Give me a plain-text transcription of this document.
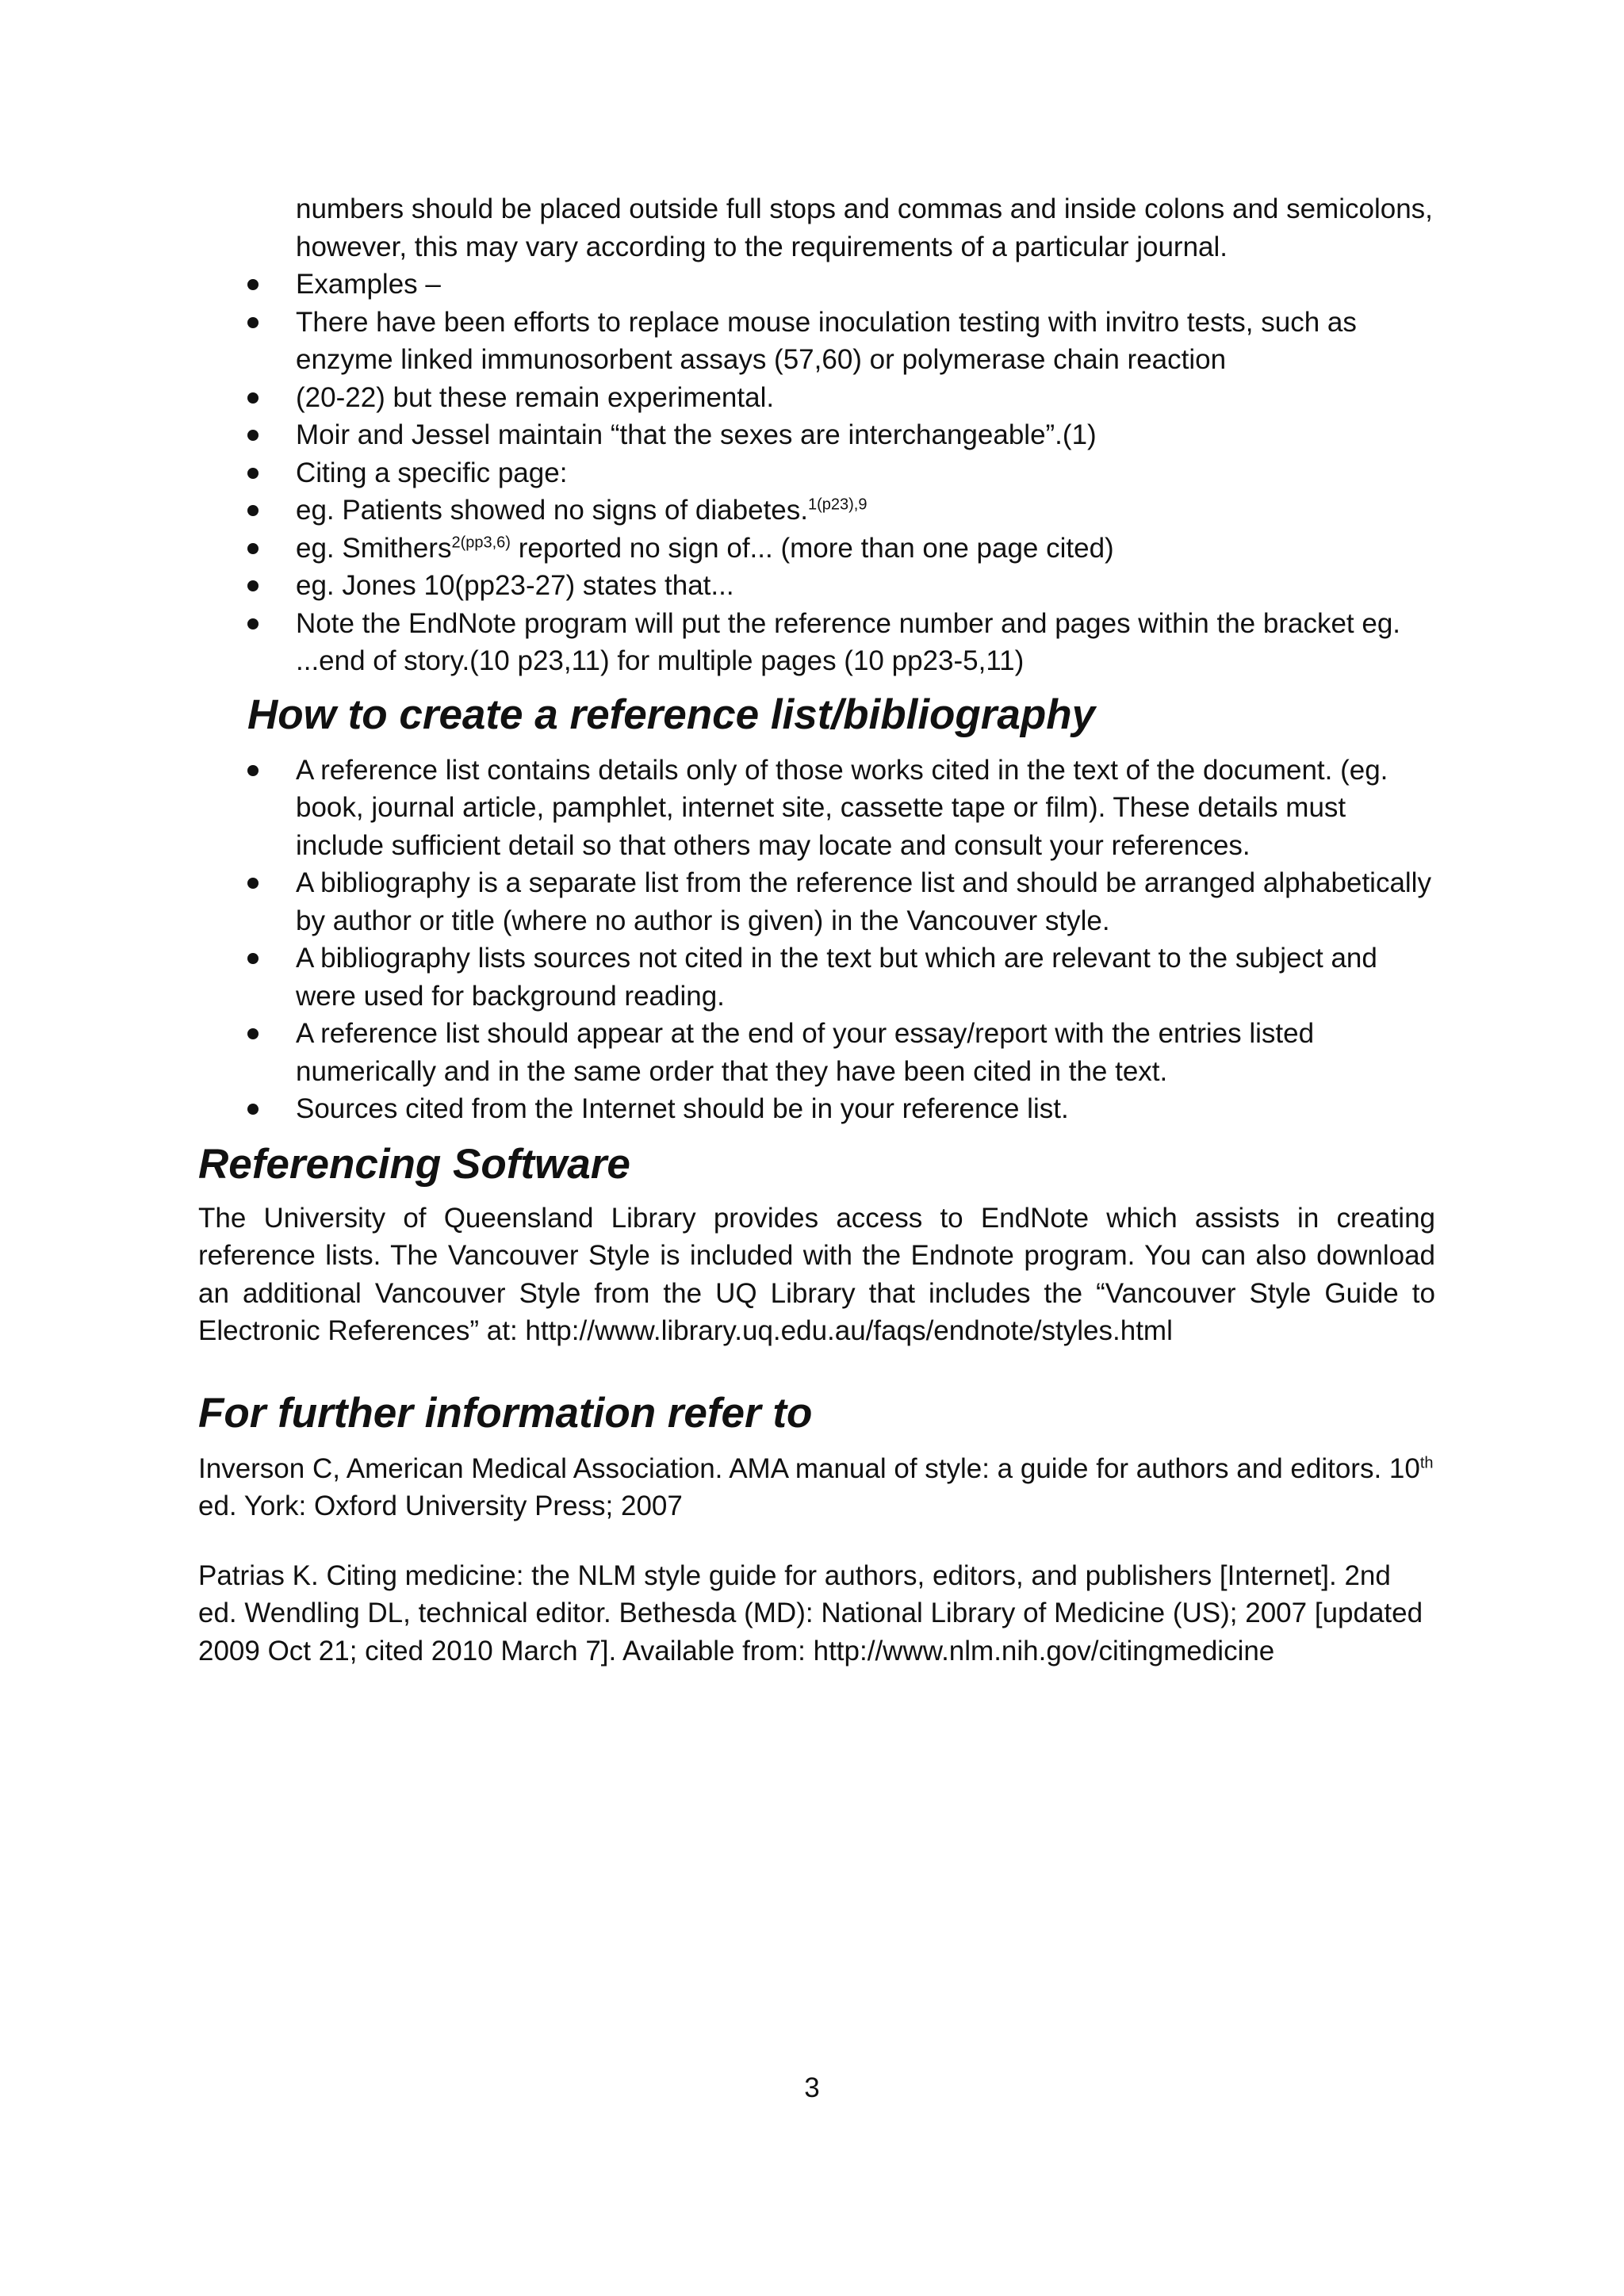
numbers should be placed outside full stops and commas and inside colons and semicolons, however, this may vary according to the requirements of a particular journal.
Examples –
There have been efforts to replace mouse inoculation testing with invitro tests, such as enzyme linked immunosorbent assays (57,60) or polymerase chain reaction
(20-22) but these remain experimental.
Moir and Jessel maintain “that the sexes are interchangeable”.(1)
Citing a specific page:
eg. Patients showed no signs of diabetes.$^{1(p23),9}$
eg. Smithers$^{2(pp3,6)}$ reported no sign of... (more than one page cited)
eg. Jones 10(pp23-27) states that...
Note the EndNote program will put the reference number and pages within the bracket eg. ...end of story.(10 p23,11) for multiple pages (10 pp23-5,11)
How to create a reference list/bibliography
A reference list contains details only of those works cited in the text of the document. (eg. book, journal article, pamphlet, internet site, cassette tape or film). These details must include sufficient detail so that others may locate and consult your references.
A bibliography is a separate list from the reference list and should be arranged alphabetically by author or title (where no author is given) in the Vancouver style.
A bibliography lists sources not cited in the text but which are relevant to the subject and were used for background reading.
A reference list should appear at the end of your essay/report with the entries listed numerically and in the same order that they have been cited in the text.
Sources cited from the Internet should be in your reference list.
Referencing Software

The University of Queensland Library provides access to EndNote which assists in creating reference lists. The Vancouver Style is included with the Endnote program. You can also download an additional Vancouver Style from the UQ Library that includes the “Vancouver Style Guide to Electronic References” at: http://www.library.uq.edu.au/faqs/endnote/styles.html

For further information refer to

Inverson C, American Medical Association. AMA manual of style: a guide for authors and editors. 10th ed. York: Oxford University Press; 2007

Patrias K. Citing medicine: the NLM style guide for authors, editors, and publishers [Internet]. 2nd ed. Wendling DL, technical editor. Bethesda (MD): National Library of Medicine (US); 2007 [updated 2009 Oct 21; cited 2010 March 7]. Available from: http://www.nlm.nih.gov/citingmedicine

3
